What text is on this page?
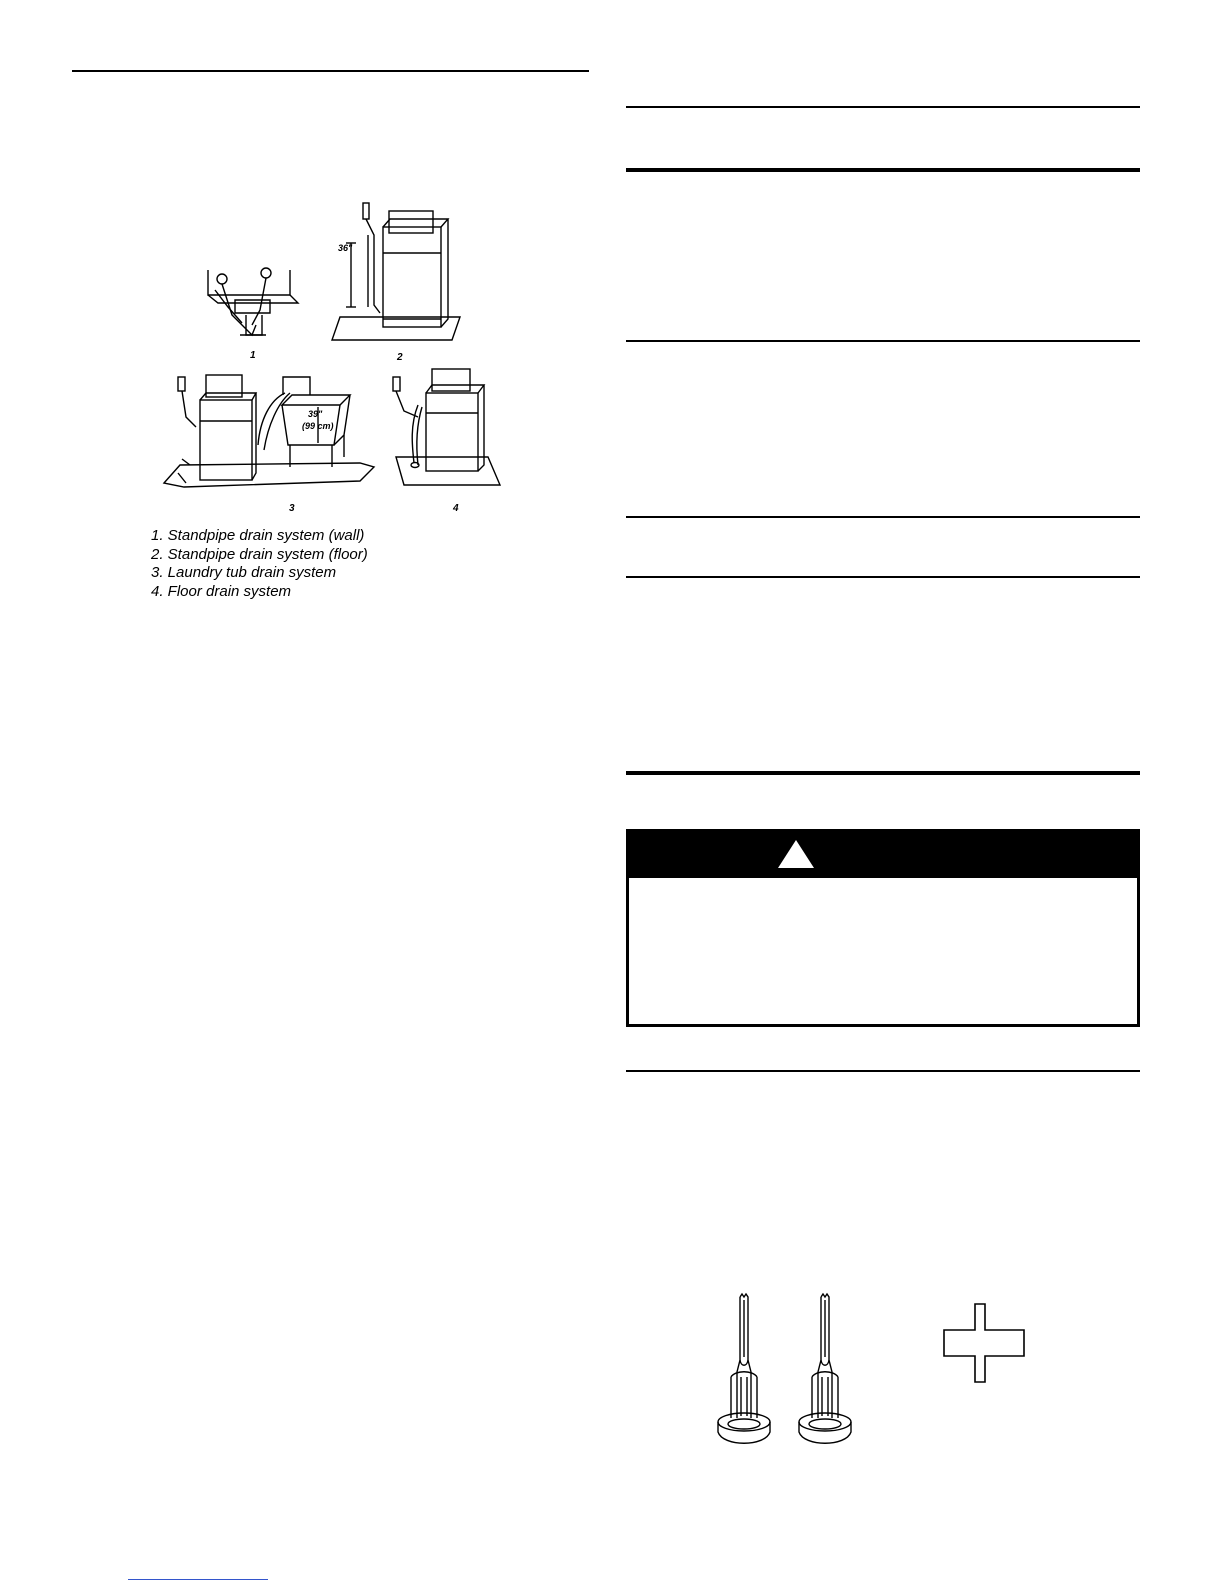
36"
39"
(99 cm)
1	2
3	4
1. Standpipe drain system (wall)
2. Standpipe drain system (floor)
3. Laundry tub drain system
4. Floor drain system
